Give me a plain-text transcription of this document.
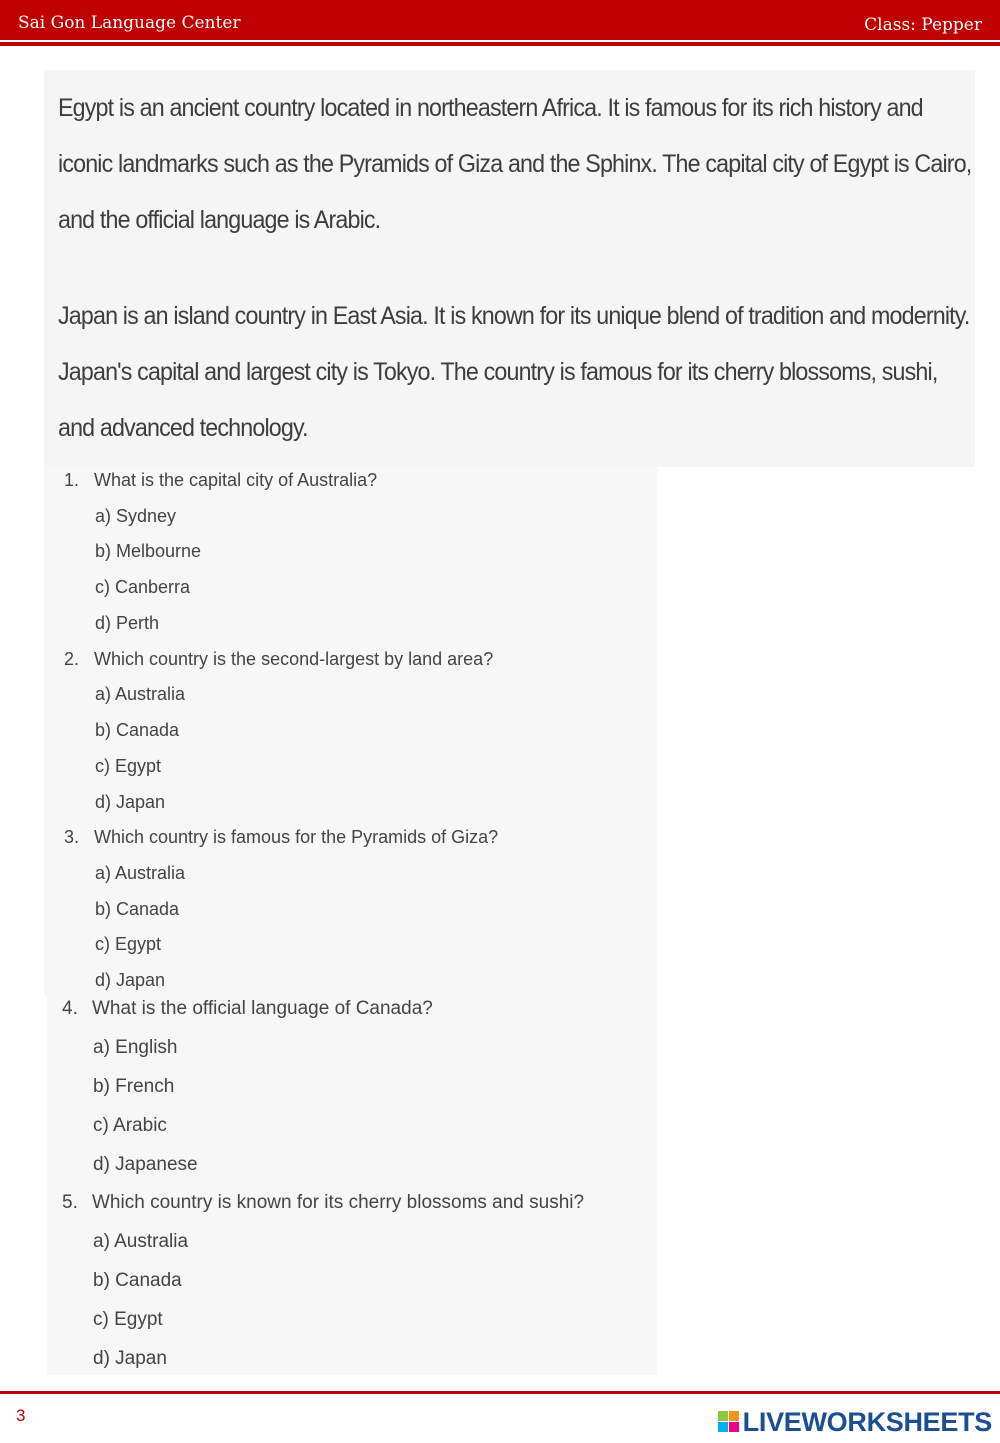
Sai Gon Language Center	Class: Pepper

Egypt is an ancient country located in northeastern Africa. It is famous for its rich history and iconic landmarks such as the Pyramids of Giza and the Sphinx. The capital city of Egypt is Cairo, and the official language is Arabic.

Japan is an island country in East Asia. It is known for its unique blend of tradition and modernity. Japan's capital and largest city is Tokyo. The country is famous for its cherry blossoms, sushi, and advanced technology.

1. What is the capital city of Australia?
a) Sydney
b) Melbourne
c) Canberra
d) Perth
2. Which country is the second-largest by land area?
a) Australia
b) Canada
c) Egypt
d) Japan
3. Which country is famous for the Pyramids of Giza?
a) Australia
b) Canada
c) Egypt
d) Japan
4. What is the official language of Canada?
a) English
b) French
c) Arabic
d) Japanese
5. Which country is known for its cherry blossoms and sushi?
a) Australia
b) Canada
c) Egypt
d) Japan
3	LIVEWORKSHEETS
